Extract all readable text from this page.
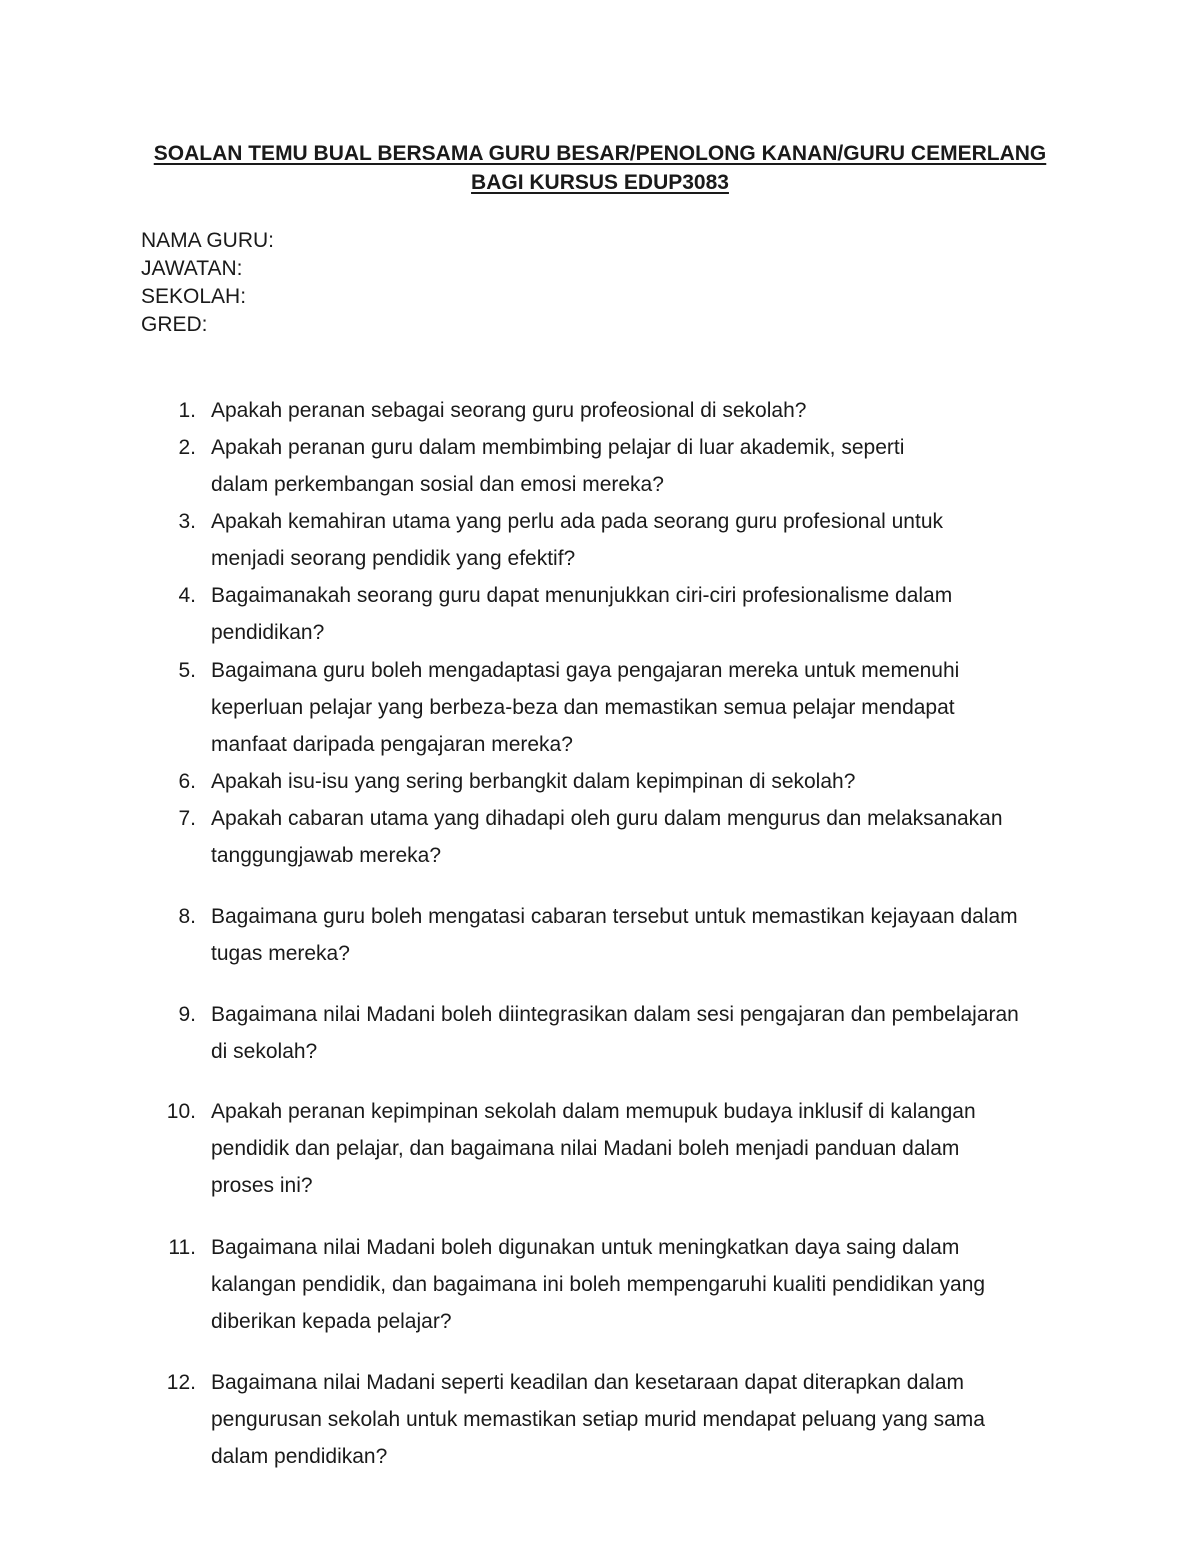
SOALAN TEMU BUAL BERSAMA GURU BESAR/PENOLONG KANAN/GURU CEMERLANG
BAGI KURSUS EDUP3083
NAMA GURU:
JAWATAN:
SEKOLAH:
GRED:
1. Apakah peranan sebagai seorang guru profeosional di sekolah?
2. Apakah peranan guru dalam membimbing pelajar di luar akademik, seperti
dalam perkembangan sosial dan emosi mereka?
3. Apakah kemahiran utama yang perlu ada pada seorang guru profesional untuk
menjadi seorang pendidik yang efektif?
4. Bagaimanakah seorang guru dapat menunjukkan ciri-ciri profesionalisme dalam
pendidikan?
5. Bagaimana guru boleh mengadaptasi gaya pengajaran mereka untuk memenuhi
keperluan pelajar yang berbeza-beza dan memastikan semua pelajar mendapat
manfaat daripada pengajaran mereka?
6. Apakah isu-isu yang sering berbangkit dalam kepimpinan di sekolah?
7. Apakah cabaran utama yang dihadapi oleh guru dalam mengurus dan melaksanakan
tanggungjawab mereka?
8. Bagaimana guru boleh mengatasi cabaran tersebut untuk memastikan kejayaan dalam
tugas mereka?
9. Bagaimana nilai Madani boleh diintegrasikan dalam sesi pengajaran dan pembelajaran
di sekolah?
10. Apakah peranan kepimpinan sekolah dalam memupuk budaya inklusif di kalangan
pendidik dan pelajar, dan bagaimana nilai Madani boleh menjadi panduan dalam
proses ini?
11. Bagaimana nilai Madani boleh digunakan untuk meningkatkan daya saing dalam
kalangan pendidik, dan bagaimana ini boleh mempengaruhi kualiti pendidikan yang
diberikan kepada pelajar?
12. Bagaimana nilai Madani seperti keadilan dan kesetaraan dapat diterapkan dalam
pengurusan sekolah untuk memastikan setiap murid mendapat peluang yang sama
dalam pendidikan?
